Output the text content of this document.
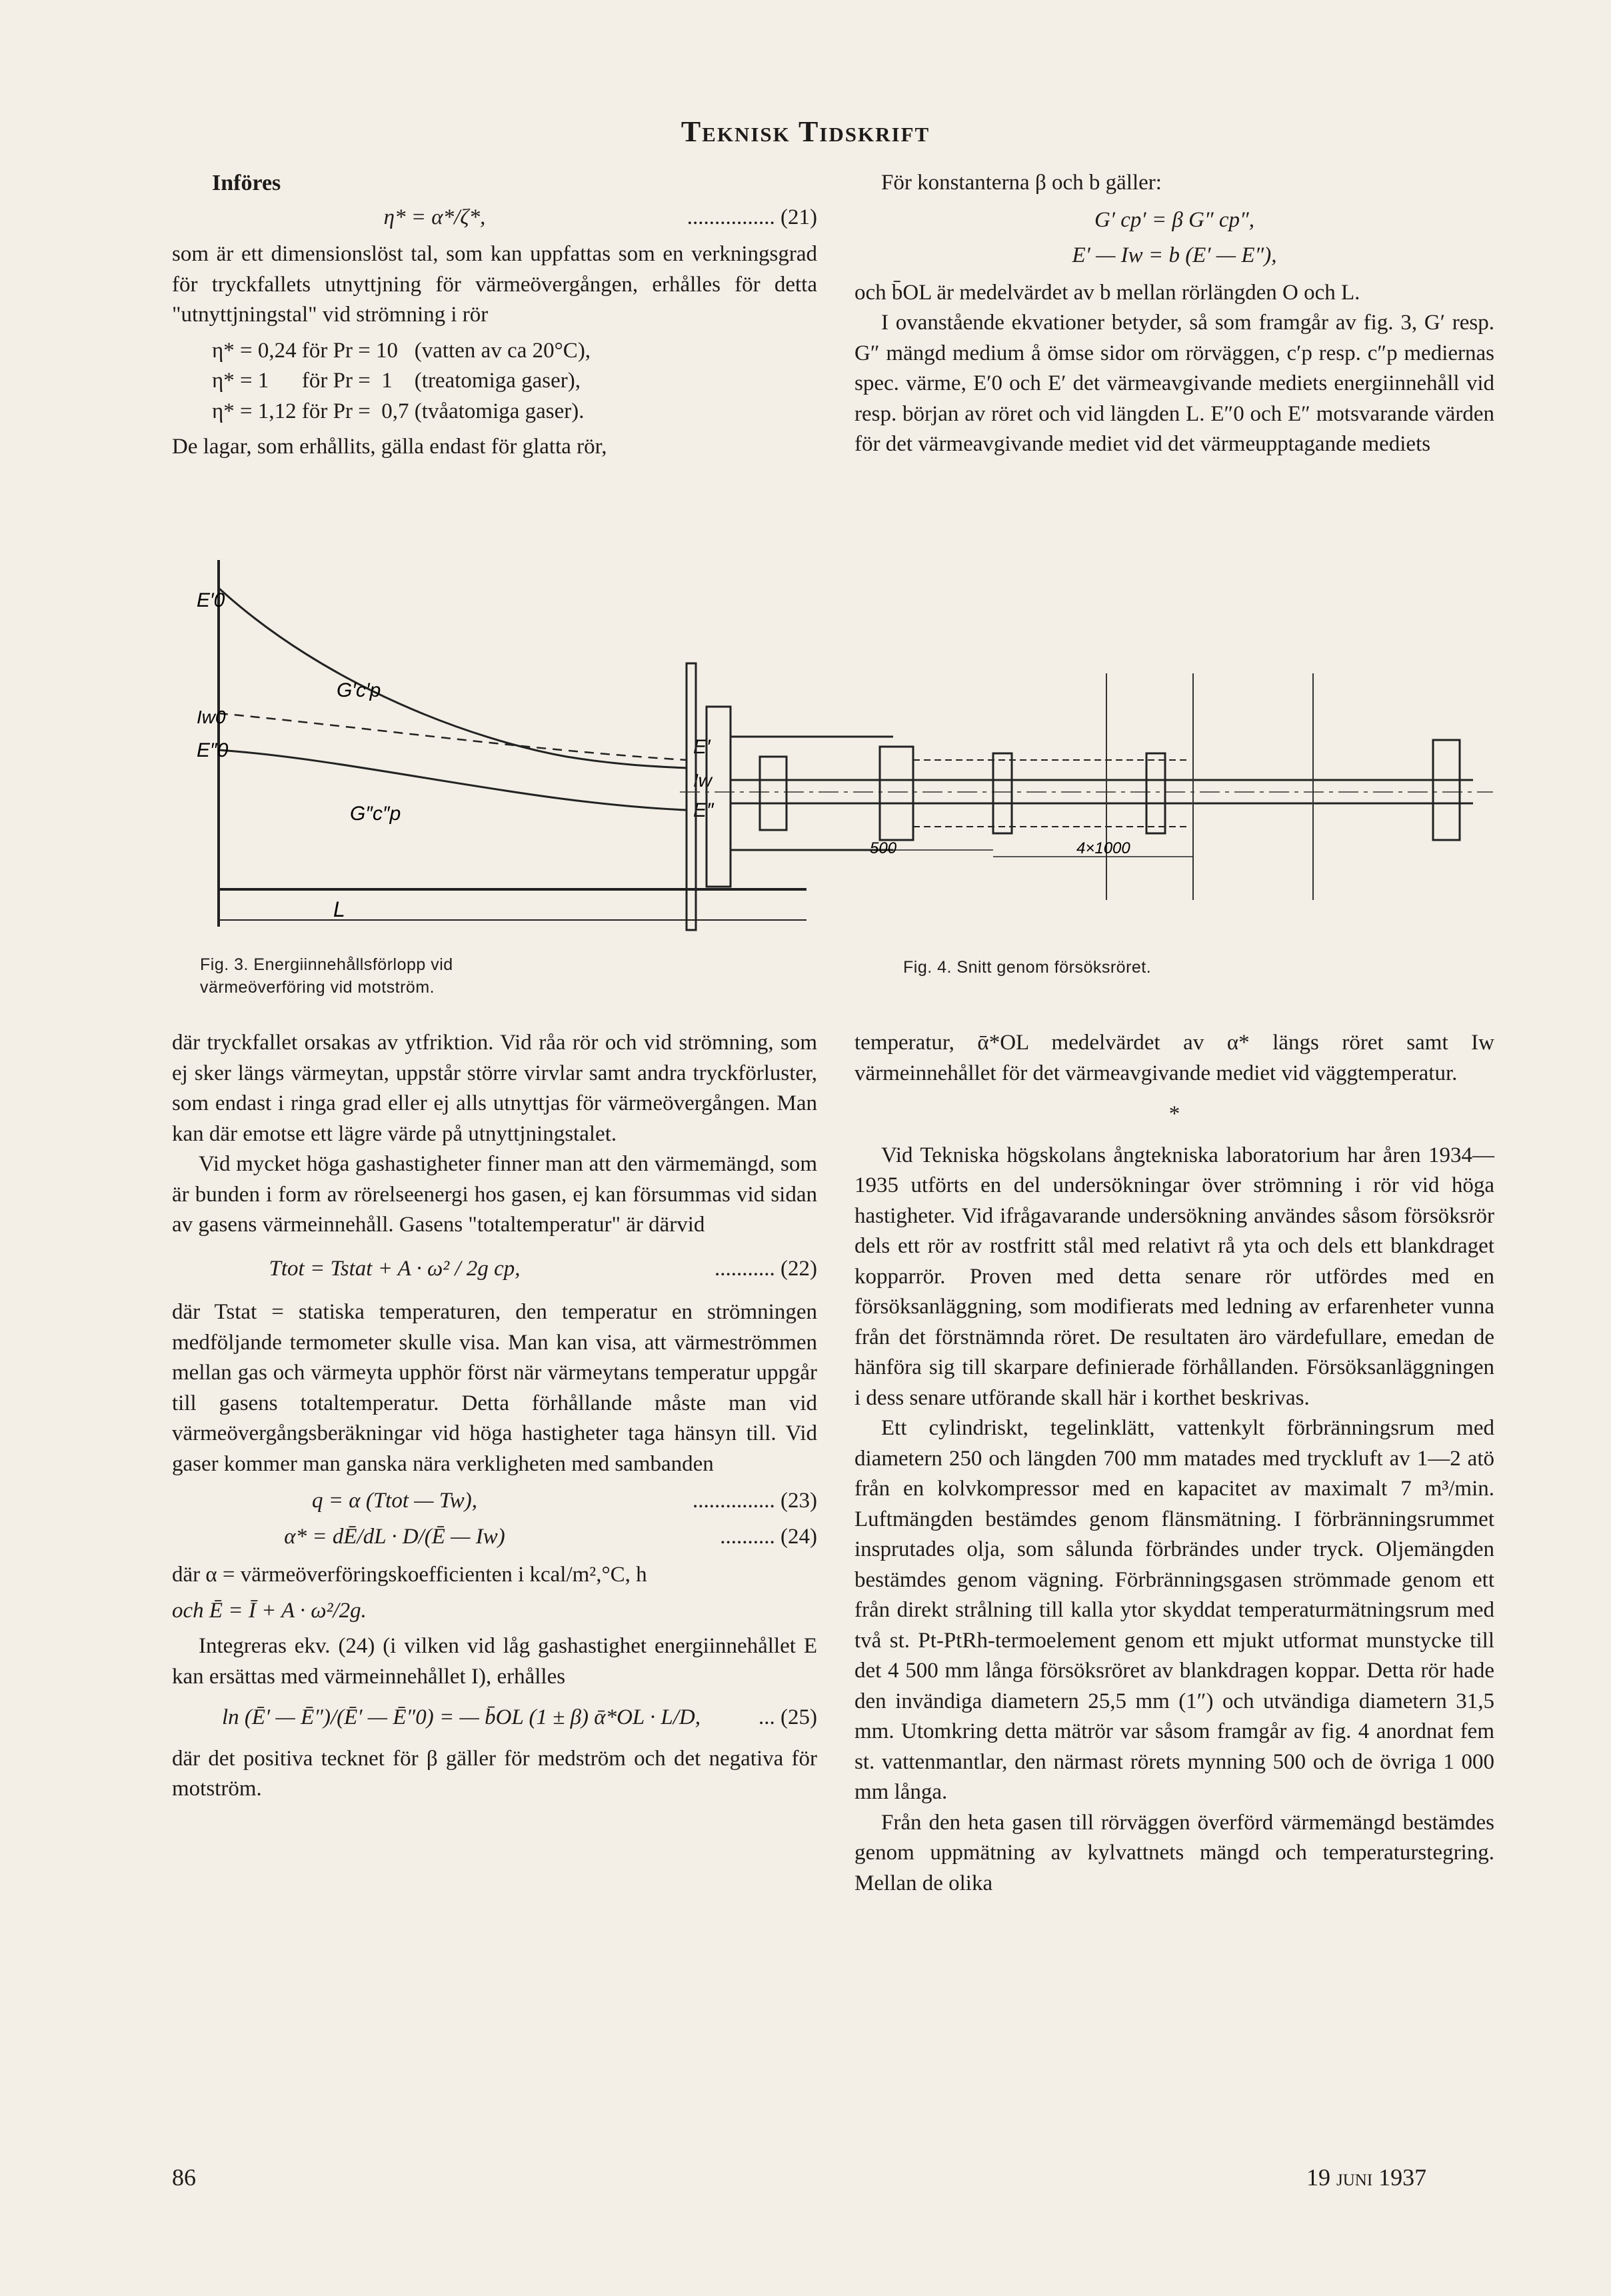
Teknisk Tidskrift

Införes

η* = α*/ζ*,	................ (21)

som är ett dimensionslöst tal, som kan uppfattas som en verkningsgrad för tryckfallets utnyttjning för värmeövergången, erhålles för detta "utnyttjningstal" vid strömning i rör

η* = 0,24 för Pr = 10   (vatten av ca 20°C),
η* = 1      för Pr =  1    (treatomiga gaser),
η* = 1,12 för Pr =  0,7 (tvåatomiga gaser).

De lagar, som erhållits, gälla endast för glatta rör,

För konstanterna β och b gäller:

G′ cp′ = β G″ cp″,

E′ — Iw = b (E′ — E″),

och b̄OL är medelvärdet av b mellan rörlängden O och L.

I ovanstående ekvationer betyder, så som framgår av fig. 3, G′ resp. G″ mängd medium å ömse sidor om rörväggen, c′p resp. c″p mediernas spec. värme, E′0 och E′ det värmeavgivande mediets energiinnehåll vid resp. början av röret och vid längden L. E″0 och E″ motsvarande värden för det värmeavgivande mediet vid det värmeupptagande mediets

E′0
Iw0
E″0
G′c′p
G″c″p
E′
Iw
E″
L
Fig. 3. Energiinnehållsförlopp vid
värmeöverföring vid motström.
500	4×1000
Fig. 4. Snitt genom försöksröret.

där tryckfallet orsakas av ytfriktion. Vid råa rör och vid strömning, som ej sker längs värmeytan, uppstår större virvlar samt andra tryckförluster, som endast i ringa grad eller ej alls utnyttjas för värmeövergången. Man kan där emotse ett lägre värde på utnyttjningstalet.

Vid mycket höga gashastigheter finner man att den värmemängd, som är bunden i form av rörelseenergi hos gasen, ej kan försummas vid sidan av gasens värmeinnehåll. Gasens "totaltemperatur" är därvid

Ttot = Tstat + A · ω² / 2g cp,	........... (22)

där Tstat = statiska temperaturen, den temperatur en strömningen medföljande termometer skulle visa. Man kan visa, att värmeströmmen mellan gas och värmeyta upphör först när värmeytans temperatur uppgår till gasens totaltemperatur. Detta förhållande måste man vid värmeövergångsberäkningar vid höga hastigheter taga hänsyn till. Vid gaser kommer man ganska nära verkligheten med sambanden

q = α (Ttot — Tw),	............... (23)
α* = dĒ/dL · D/(Ē — Iw)	.......... (24)

där α = värmeöverföringskoefficienten i kcal/m²,°C, h

och Ē = Ī + A · ω²/2g.

Integreras ekv. (24) (i vilken vid låg gashastighet energiinnehållet E kan ersättas med värmeinnehållet I), erhålles

ln (Ē′ — Ē″)/(Ē′ — Ē″0) = — b̄OL (1 ± β) ᾱ*OL · L/D,	... (25)

där det positiva tecknet för β gäller för medström och det negativa för motström.

temperatur, ᾱ*OL medelvärdet av α* längs röret samt Iw värmeinnehållet för det värmeavgivande mediet vid väggtemperatur.

*

Vid Tekniska högskolans ångtekniska laboratorium har åren 1934—1935 utförts en del undersökningar över strömning i rör vid höga hastigheter. Vid ifrågavarande undersökning användes såsom försöksrör dels ett rör av rostfritt stål med relativt rå yta och dels ett blankdraget kopparrör. Proven med detta senare rör utfördes med en försöksanläggning, som modifierats med ledning av erfarenheter vunna från det förstnämnda röret. De resultaten äro värdefullare, emedan de hänföra sig till skarpare definierade förhållanden. Försöksanläggningen i dess senare utförande skall här i korthet beskrivas.

Ett cylindriskt, tegelinklätt, vattenkylt förbränningsrum med diametern 250 och längden 700 mm matades med tryckluft av 1—2 atö från en kolvkompressor med en kapacitet av maximalt 7 m³/min. Luftmängden bestämdes genom flänsmätning. I förbränningsrummet insprutades olja, som sålunda förbrändes under tryck. Oljemängden bestämdes genom vägning. Förbränningsgasen strömmade genom ett från direkt strålning till kalla ytor skyddat temperaturmätningsrum med två st. Pt-PtRh-termoelement genom ett mjukt utformat munstycke till det 4 500 mm långa försöksröret av blankdragen koppar. Detta rör hade den invändiga diametern 25,5 mm (1″) och utvändiga diametern 31,5 mm. Utomkring detta mätrör var såsom framgår av fig. 4 anordnat fem st. vattenmantlar, den närmast rörets mynning 500 och de övriga 1 000 mm långa.

Från den heta gasen till rörväggen överförd värmemängd bestämdes genom uppmätning av kylvattnets mängd och temperaturstegring. Mellan de olika

86	19 juni 1937
